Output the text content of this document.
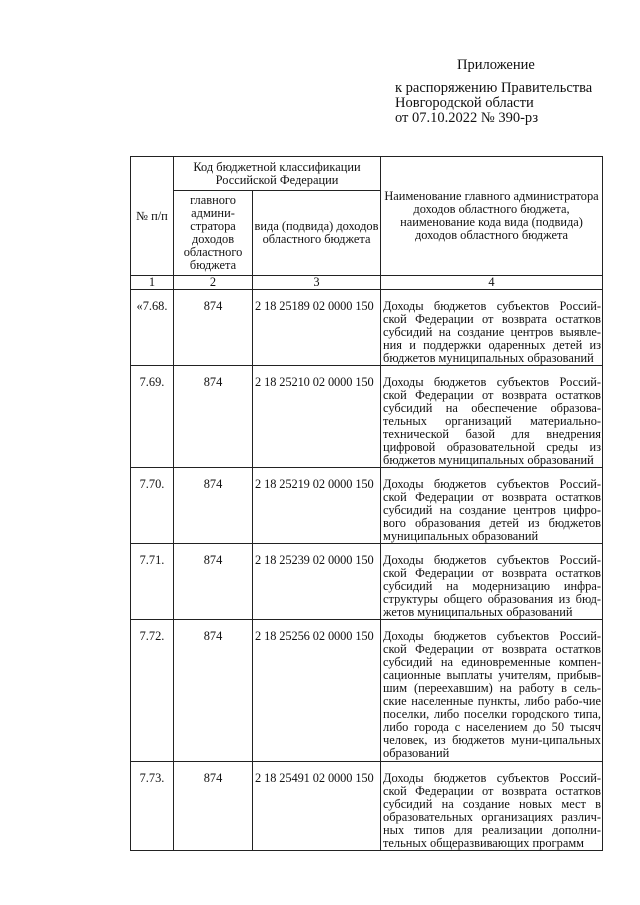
Приложение
к распоряжению Правительства
Новгородской области
от 07.10.2022 № 390-рз
№ п/п	Код бюджетной классификации Российской Федерации		Наименование главного администратора доходов областного бюджета, наименование кода вида (подвида) доходов областного бюджета
	главного админи-стратора доходов областного бюджета	вида (подвида) доходов областного бюджета	
1	2	3	4
«7.68.	874	2 18 25189 02 0000 150	Доходы бюджетов субъектов Россий-ской Федерации от возврата остатков субсидий на создание центров выявле-ния и поддержки одаренных детей из бюджетов муниципальных образований
7.69.	874	2 18 25210 02 0000 150	Доходы бюджетов субъектов Россий-ской Федерации от возврата остатков субсидий на обеспечение образова-тельных организаций материально-технической базой для внедрения цифровой образовательной среды из бюджетов муниципальных образований
7.70.	874	2 18 25219 02 0000 150	Доходы бюджетов субъектов Россий-ской Федерации от возврата остатков субсидий на создание центров цифро-вого образования детей из бюджетов муниципальных образований
7.71.	874	2 18 25239 02 0000 150	Доходы бюджетов субъектов Россий-ской Федерации от возврата остатков субсидий на модернизацию инфра-структуры общего образования из бюд-жетов муниципальных образований
7.72.	874	2 18 25256 02 0000 150	Доходы бюджетов субъектов Россий-ской Федерации от возврата остатков субсидий на единовременные компен-сационные выплаты учителям, прибыв-шим (переехавшим) на работу в сель-ские населенные пункты, либо рабо-чие поселки, либо поселки городского типа, либо города с населением до 50 тысяч человек, из бюджетов муни-ципальных образований
7.73.	874	2 18 25491 02 0000 150	Доходы бюджетов субъектов Россий-ской Федерации от возврата остатков субсидий на создание новых мест в образовательных организациях различ-ных типов для реализации дополни-тельных общеразвивающих программ
